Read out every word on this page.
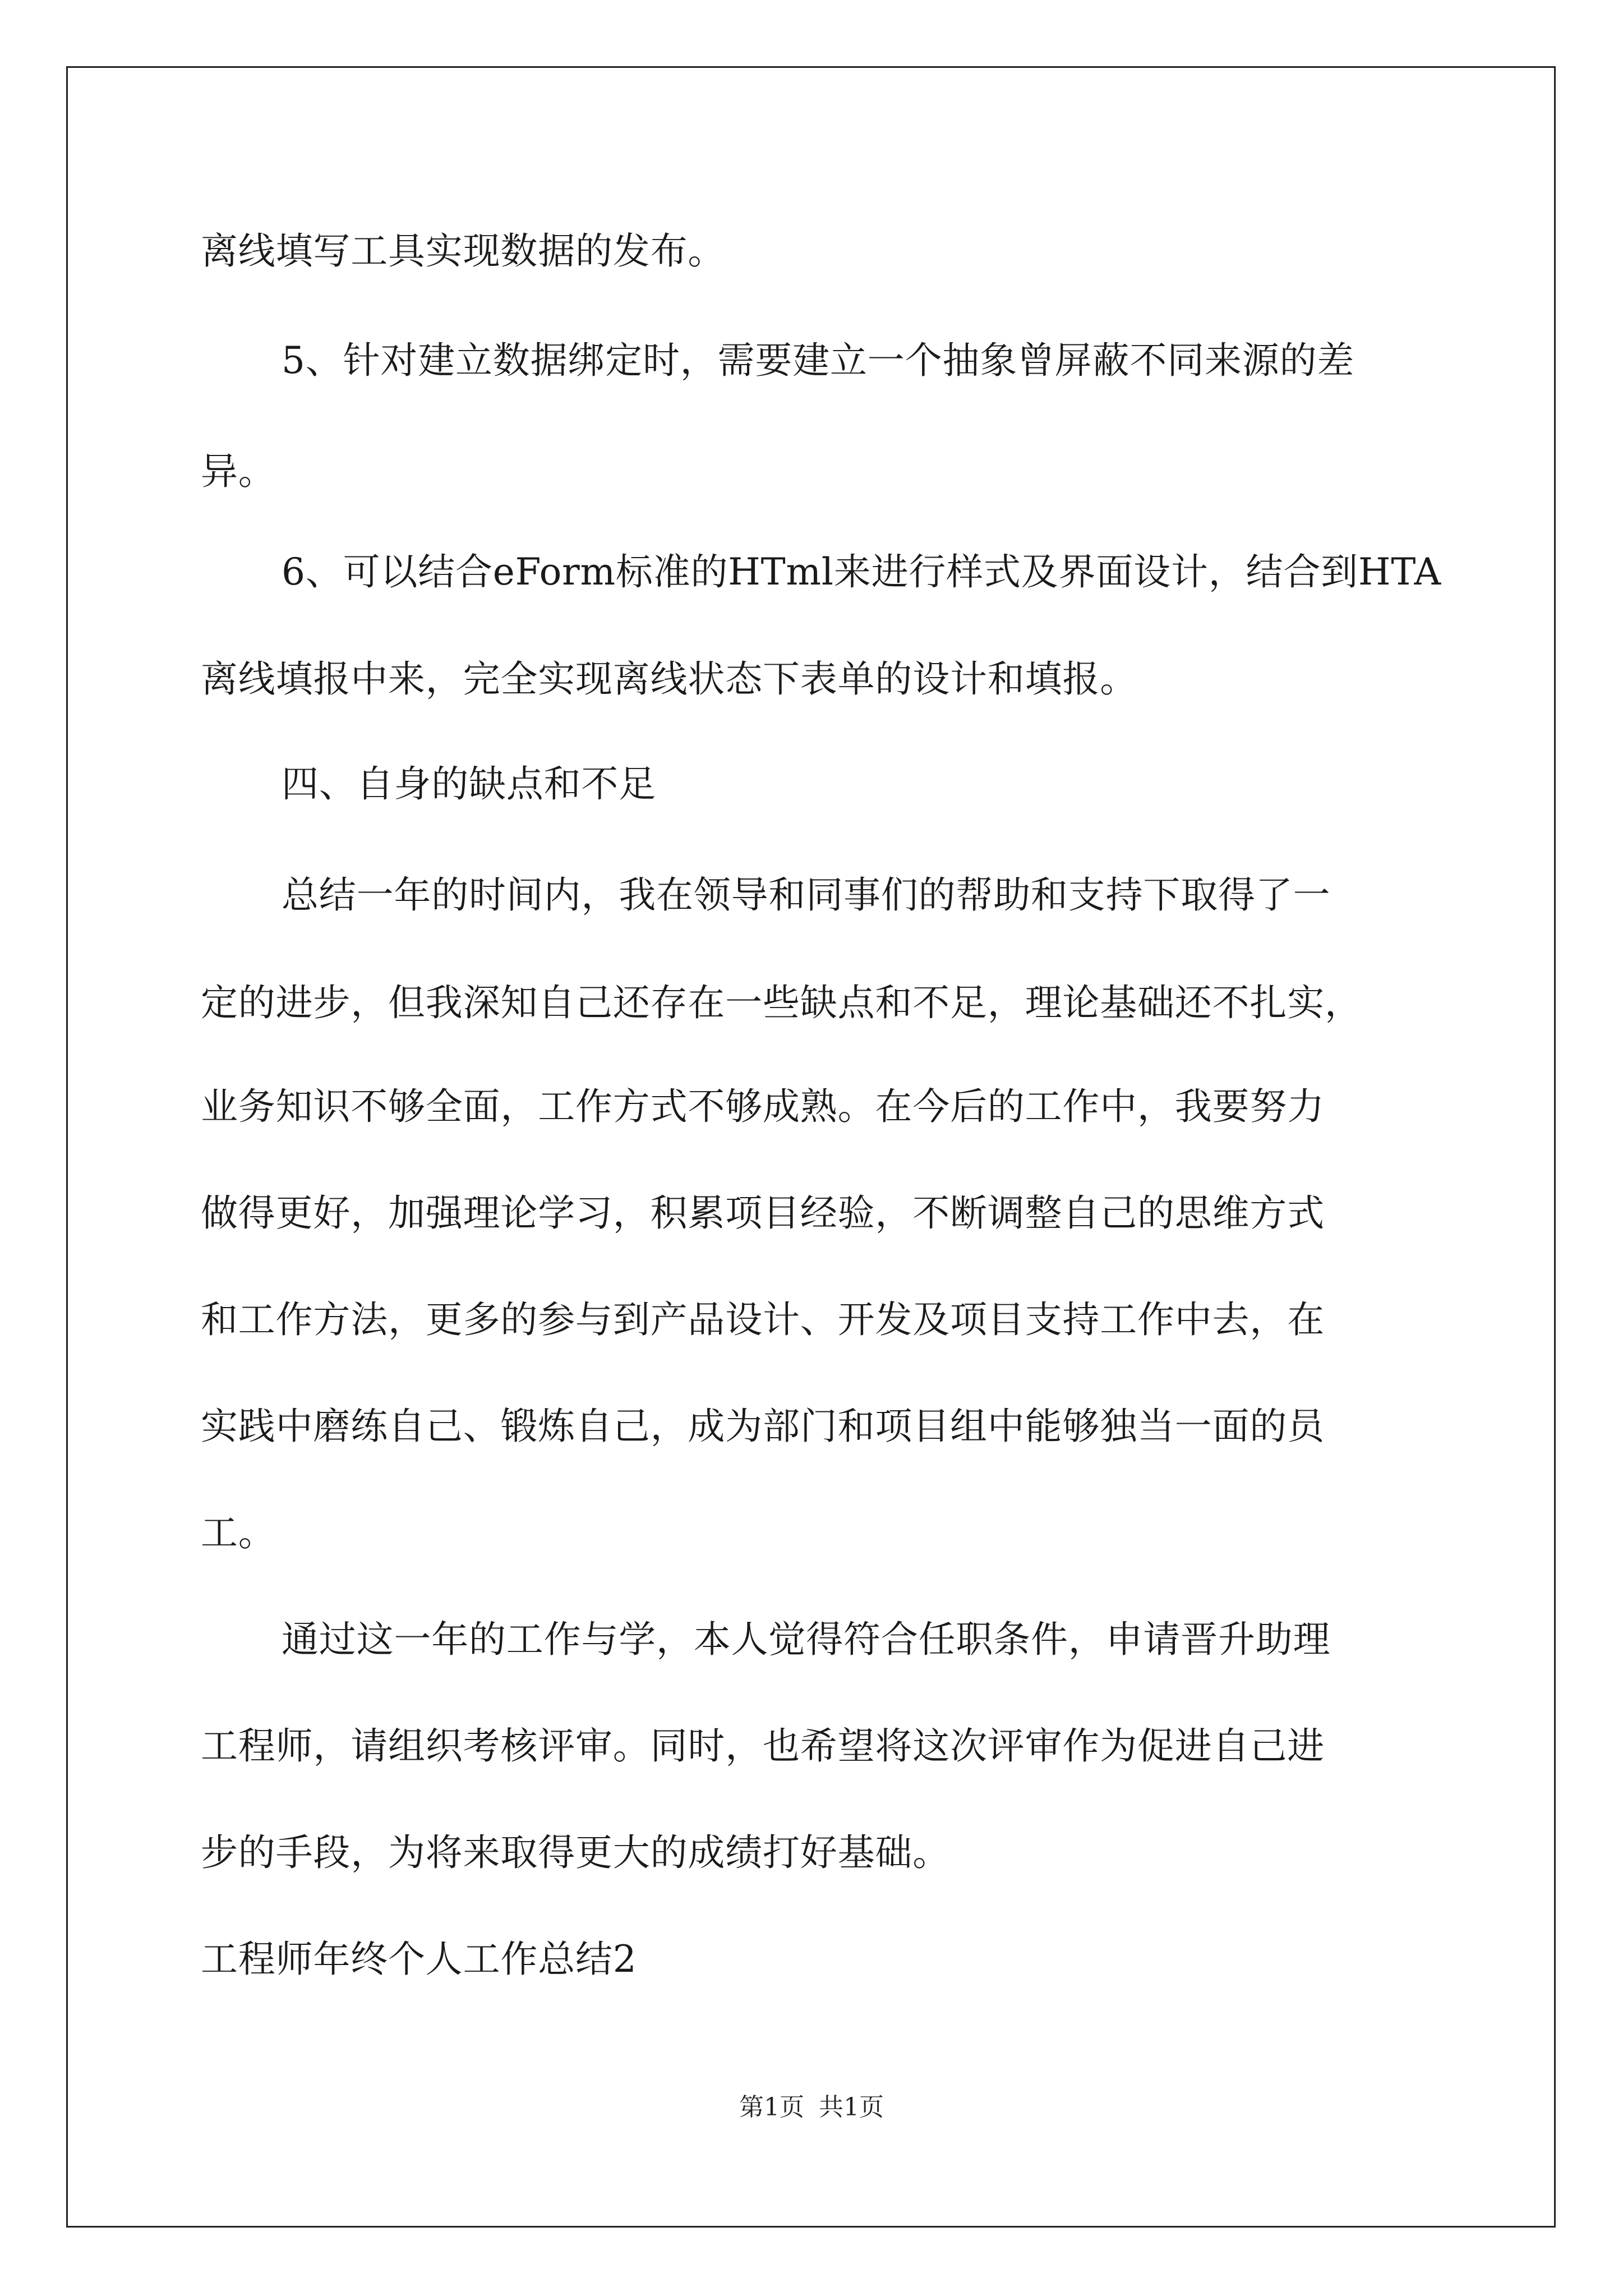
离线填写工具实现数据的发布。
5、针对建立数据绑定时，需要建立一个抽象曾屏蔽不同来源的差
异。
6、可以结合eForm标准的HTml来进行样式及界面设计，结合到HTA
离线填报中来，完全实现离线状态下表单的设计和填报。
四、自身的缺点和不足
总结一年的时间内，我在领导和同事们的帮助和支持下取得了一
定的进步，但我深知自己还存在一些缺点和不足，理论基础还不扎实，
业务知识不够全面，工作方式不够成熟。在今后的工作中，我要努力
做得更好，加强理论学习，积累项目经验，不断调整自己的思维方式
和工作方法，更多的参与到产品设计、开发及项目支持工作中去，在
实践中磨练自己、锻炼自己，成为部门和项目组中能够独当一面的员
工。
通过这一年的工作与学，本人觉得符合任职条件，申请晋升助理
工程师，请组织考核评审。同时，也希望将这次评审作为促进自己进
步的手段，为将来取得更大的成绩打好基础。
工程师年终个人工作总结2
第1页 共1页
